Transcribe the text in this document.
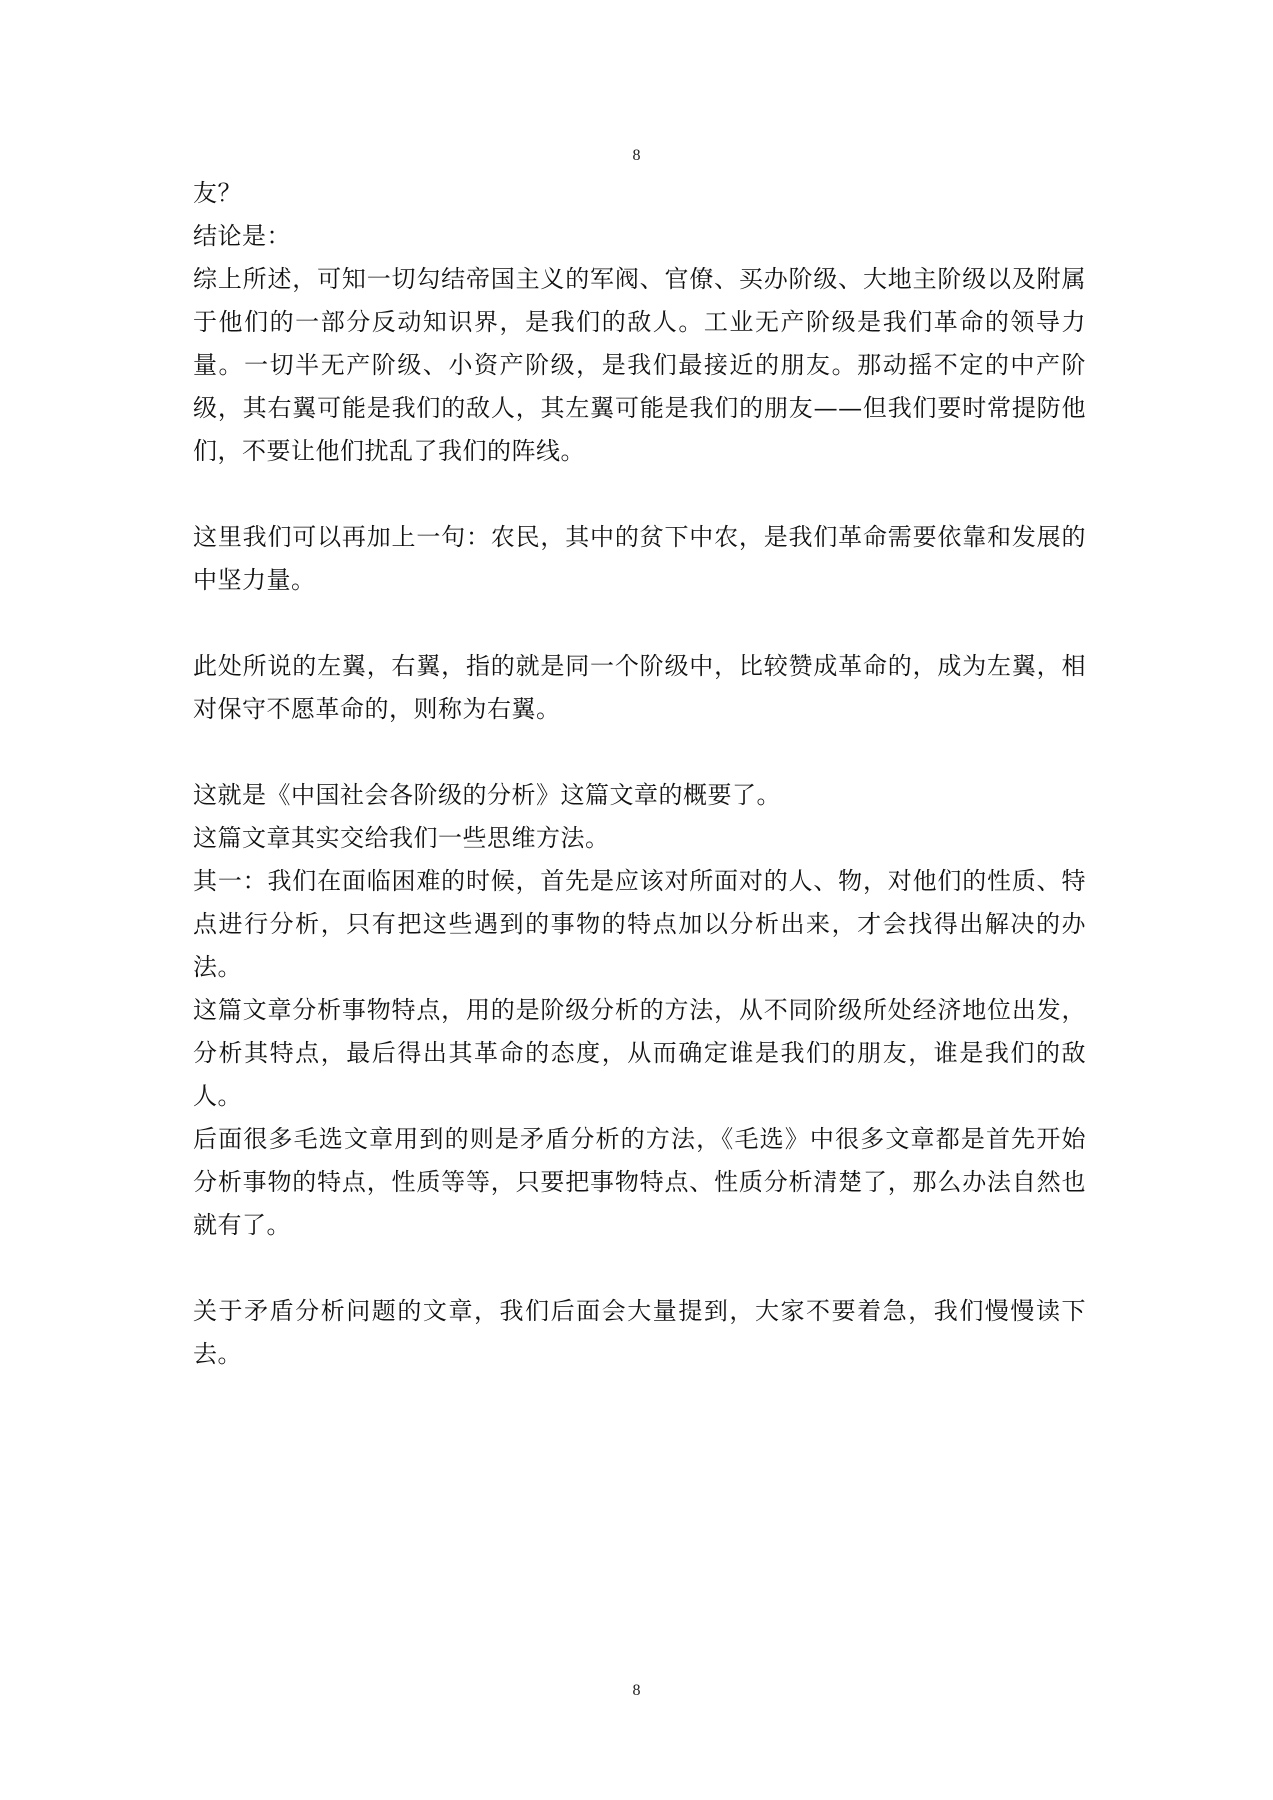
8

友？

结论是：

综上所述，可知一切勾结帝国主义的军阀、官僚、买办阶级、大地主阶级以及附属于他们的一部分反动知识界，是我们的敌人。工业无产阶级是我们革命的领导力量。一切半无产阶级、小资产阶级，是我们最接近的朋友。那动摇不定的中产阶级，其右翼可能是我们的敌人，其左翼可能是我们的朋友——但我们要时常提防他们，不要让他们扰乱了我们的阵线。

这里我们可以再加上一句：农民，其中的贫下中农，是我们革命需要依靠和发展的中坚力量。

此处所说的左翼，右翼，指的就是同一个阶级中，比较赞成革命的，成为左翼，相对保守不愿革命的，则称为右翼。

这就是《中国社会各阶级的分析》这篇文章的概要了。

这篇文章其实交给我们一些思维方法。

其一：我们在面临困难的时候，首先是应该对所面对的人、物，对他们的性质、特点进行分析，只有把这些遇到的事物的特点加以分析出来，才会找得出解决的办法。

这篇文章分析事物特点，用的是阶级分析的方法，从不同阶级所处经济地位出发，分析其特点，最后得出其革命的态度，从而确定谁是我们的朋友，谁是我们的敌人。

后面很多毛选文章用到的则是矛盾分析的方法，《毛选》中很多文章都是首先开始分析事物的特点，性质等等，只要把事物特点、性质分析清楚了，那么办法自然也就有了。

关于矛盾分析问题的文章，我们后面会大量提到，大家不要着急，我们慢慢读下去。

8
